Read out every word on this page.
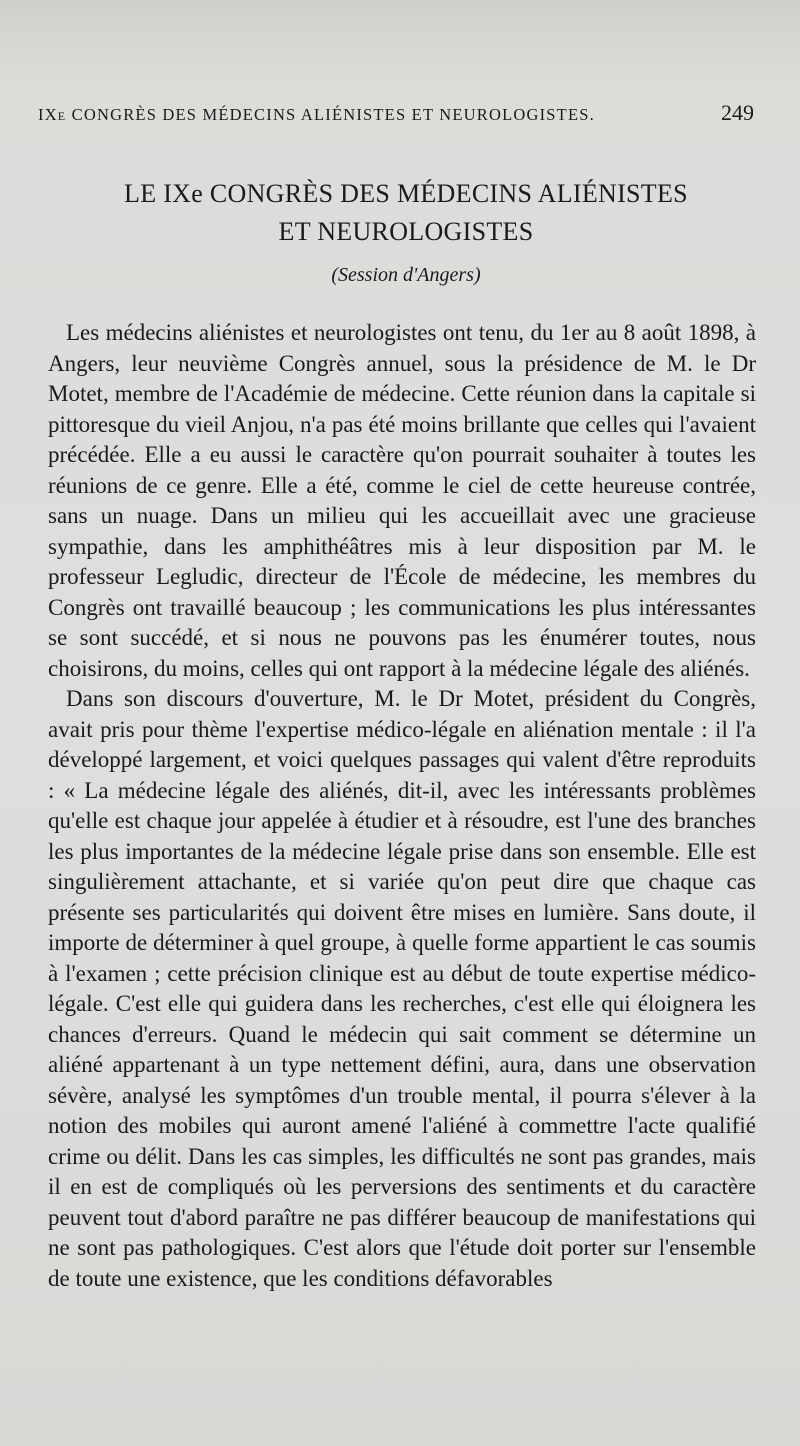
IXe CONGRÈS DES MÉDECINS ALIÉNISTES ET NEUROLOGISTES.	249
LE IXe CONGRÈS DES MÉDECINS ALIÉNISTES
ET NEUROLOGISTES
(Session d'Angers)

Les médecins aliénistes et neurologistes ont tenu, du 1er au 8 août 1898, à Angers, leur neuvième Congrès annuel, sous la présidence de M. le Dr Motet, membre de l'Académie de médecine. Cette réunion dans la capitale si pittoresque du vieil Anjou, n'a pas été moins brillante que celles qui l'avaient précédée. Elle a eu aussi le caractère qu'on pourrait souhaiter à toutes les réunions de ce genre. Elle a été, comme le ciel de cette heureuse contrée, sans un nuage. Dans un milieu qui les accueillait avec une gracieuse sympathie, dans les amphithéâtres mis à leur disposition par M. le professeur Legludic, directeur de l'École de médecine, les membres du Congrès ont travaillé beaucoup ; les communications les plus intéressantes se sont succédé, et si nous ne pouvons pas les énumérer toutes, nous choisirons, du moins, celles qui ont rapport à la médecine légale des aliénés.

Dans son discours d'ouverture, M. le Dr Motet, président du Congrès, avait pris pour thème l'expertise médico-légale en aliénation mentale : il l'a développé largement, et voici quelques passages qui valent d'être reproduits : « La médecine légale des aliénés, dit-il, avec les intéressants problèmes qu'elle est chaque jour appelée à étudier et à résoudre, est l'une des branches les plus importantes de la médecine légale prise dans son ensemble. Elle est singulièrement attachante, et si variée qu'on peut dire que chaque cas présente ses particularités qui doivent être mises en lumière. Sans doute, il importe de déterminer à quel groupe, à quelle forme appartient le cas soumis à l'examen ; cette précision clinique est au début de toute expertise médico-légale. C'est elle qui guidera dans les recherches, c'est elle qui éloignera les chances d'erreurs. Quand le médecin qui sait comment se détermine un aliéné appartenant à un type nettement défini, aura, dans une observation sévère, analysé les symptômes d'un trouble mental, il pourra s'élever à la notion des mobiles qui auront amené l'aliéné à commettre l'acte qualifié crime ou délit. Dans les cas simples, les difficultés ne sont pas grandes, mais il en est de compliqués où les perversions des sentiments et du caractère peuvent tout d'abord paraître ne pas différer beaucoup de manifestations qui ne sont pas pathologiques. C'est alors que l'étude doit porter sur l'ensemble de toute une existence, que les conditions défavorables
